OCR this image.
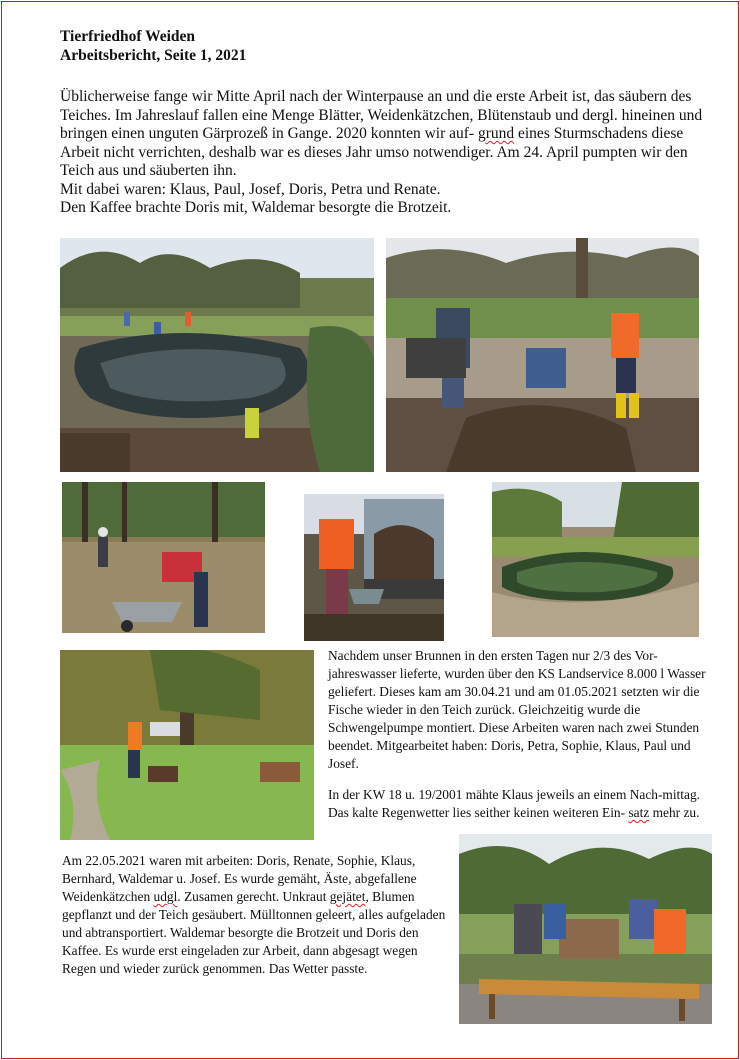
Tierfriedhof Weiden
Arbeitsbericht, Seite 1, 2021
Üblicherweise fange wir Mitte April nach der Winterpause an und die erste Arbeit ist, das säubern des Teiches. Im Jahreslauf fallen eine Menge Blätter, Weidenkätzchen, Blütenstaub und dergl. hineinen und bringen einen unguten Gärprozeß in Gange. 2020 konnten wir auf- grund eines Sturmschadens diese Arbeit nicht verrichten, deshalb war es dieses Jahr umso notwendiger. Am 24. April pumpten wir den Teich aus und säuberten ihn.
Mit dabei waren: Klaus, Paul, Josef, Doris, Petra und Renate.
Den Kaffee brachte Doris mit, Waldemar besorgte die Brotzeit.
Nachdem unser Brunnen in den ersten Tagen nur 2/3 des Vor-jahreswasser lieferte, wurden über den KS Landservice 8.000 l Wasser geliefert. Dieses kam am 30.04.21 und am 01.05.2021 setzten wir die Fische wieder in den Teich zurück. Gleichzeitig wurde die Schwengelpumpe montiert. Diese Arbeiten waren nach zwei Stunden beendet. Mitgearbeitet haben: Doris, Petra, Sophie, Klaus, Paul und Josef.
In der KW 18 u. 19/2001 mähte Klaus jeweils an einem Nach-mittag. Das kalte Regenwetter lies seither keinen weiteren Ein- satz mehr zu.
Am 22.05.2021 waren mit arbeiten: Doris, Renate, Sophie, Klaus, Bernhard, Waldemar u. Josef. Es wurde gemäht, Äste, abgefallene Weidenkätzchen udgl. Zusamen gerecht. Unkraut gejätet, Blumen gepflanzt und der Teich gesäubert. Mülltonnen geleert, alles aufgeladen und abtransportiert. Waldemar besorgte die Brotzeit und Doris den Kaffee. Es wurde erst eingeladen zur Arbeit, dann abgesagt wegen Regen und wieder zurück genommen. Das Wetter passte.
